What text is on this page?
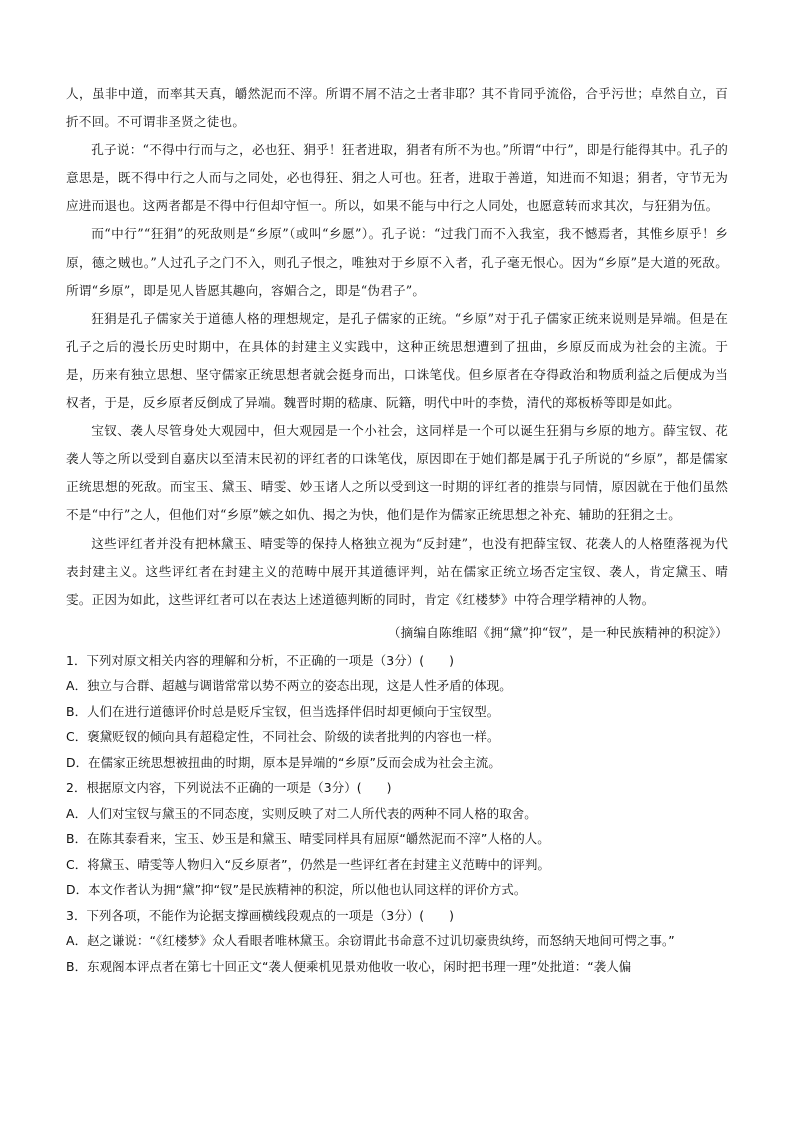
人，虽非中道，而率其天真，皭然泥而不滓。所谓不屑不洁之士者非耶？其不肯同乎流俗，合乎污世；卓然自立，百折不回。不可谓非圣贤之徒也。

孔子说：“不得中行而与之，必也狂、狷乎！狂者进取，狷者有所不为也。”所谓“中行”，即是行能得其中。孔子的意思是，既不得中行之人而与之同处，必也得狂、狷之人可也。狂者，进取于善道，知进而不知退；狷者，守节无为应进而退也。这两者都是不得中行但却守恒一。所以，如果不能与中行之人同处，也愿意转而求其次，与狂狷为伍。

而“中行”“狂狷”的死敌则是“乡原”（或叫“乡愿”）。孔子说：“过我门而不入我室，我不憾焉者，其惟乡原乎！乡原，德之贼也。”人过孔子之门不入，则孔子恨之，唯独对于乡原不入者，孔子毫无恨心。因为“乡原”是大道的死敌。所谓“乡原”，即是见人皆愿其趣向，容媚合之，即是“伪君子”。

狂狷是孔子儒家关于道德人格的理想规定，是孔子儒家的正统。“乡原”对于孔子儒家正统来说则是异端。但是在孔子之后的漫长历史时期中，在具体的封建主义实践中，这种正统思想遭到了扭曲，乡原反而成为社会的主流。于是，历来有独立思想、坚守儒家正统思想者就会挺身而出，口诛笔伐。但乡原者在夺得政治和物质利益之后便成为当权者，于是，反乡原者反倒成了异端。魏晋时期的嵇康、阮籍，明代中叶的李贽，清代的郑板桥等即是如此。

宝钗、袭人尽管身处大观园中，但大观园是一个小社会，这同样是一个可以诞生狂狷与乡原的地方。薛宝钗、花袭人等之所以受到自嘉庆以至清末民初的评红者的口诛笔伐，原因即在于她们都是属于孔子所说的“乡原”，都是儒家正统思想的死敌。而宝玉、黛玉、晴雯、妙玉诸人之所以受到这一时期的评红者的推崇与同情，原因就在于他们虽然不是“中行”之人，但他们对“乡原”嫉之如仇、揭之为快，他们是作为儒家正统思想之补充、辅助的狂狷之士。

这些评红者并没有把林黛玉、晴雯等的保持人格独立视为“反封建”，也没有把薛宝钗、花袭人的人格堕落视为代表封建主义。这些评红者在封建主义的范畴中展开其道德评判，站在儒家正统立场否定宝钗、袭人，肯定黛玉、晴雯。正因为如此，这些评红者可以在表达上述道德判断的同时，肯定《红楼梦》中符合理学精神的人物。

（摘编自陈维昭《拥“黛”抑“钗”，是一种民族精神的积淀》）

1．下列对原文相关内容的理解和分析，不正确的一项是（3分）(　　)

A．独立与合群、超越与调谐常常以势不两立的姿态出现，这是人性矛盾的体现。

B．人们在进行道德评价时总是贬斥宝钗，但当选择伴侣时却更倾向于宝钗型。

C．褒黛贬钗的倾向具有超稳定性，不同社会、阶级的读者批判的内容也一样。

D．在儒家正统思想被扭曲的时期，原本是异端的“乡原”反而会成为社会主流。

2．根据原文内容，下列说法不正确的一项是（3分）(　　)

A．人们对宝钗与黛玉的不同态度，实则反映了对二人所代表的两种不同人格的取舍。

B．在陈其泰看来，宝玉、妙玉是和黛玉、晴雯同样具有屈原“皭然泥而不滓”人格的人。

C．将黛玉、晴雯等人物归入“反乡原者”，仍然是一些评红者在封建主义范畴中的评判。

D．本文作者认为拥“黛”抑“钗”是民族精神的积淀，所以他也认同这样的评价方式。

3．下列各项，不能作为论据支撑画横线段观点的一项是（3分）(　　)

A．赵之谦说：“《红楼梦》众人看眼者唯林黛玉。余窃谓此书命意不过讥切豪贵纨绔，而怒纳天地间可愕之事。”

B．东观阁本评点者在第七十回正文“袭人便乘机见景劝他收一收心，闲时把书理一理”处批道：“袭人偏
